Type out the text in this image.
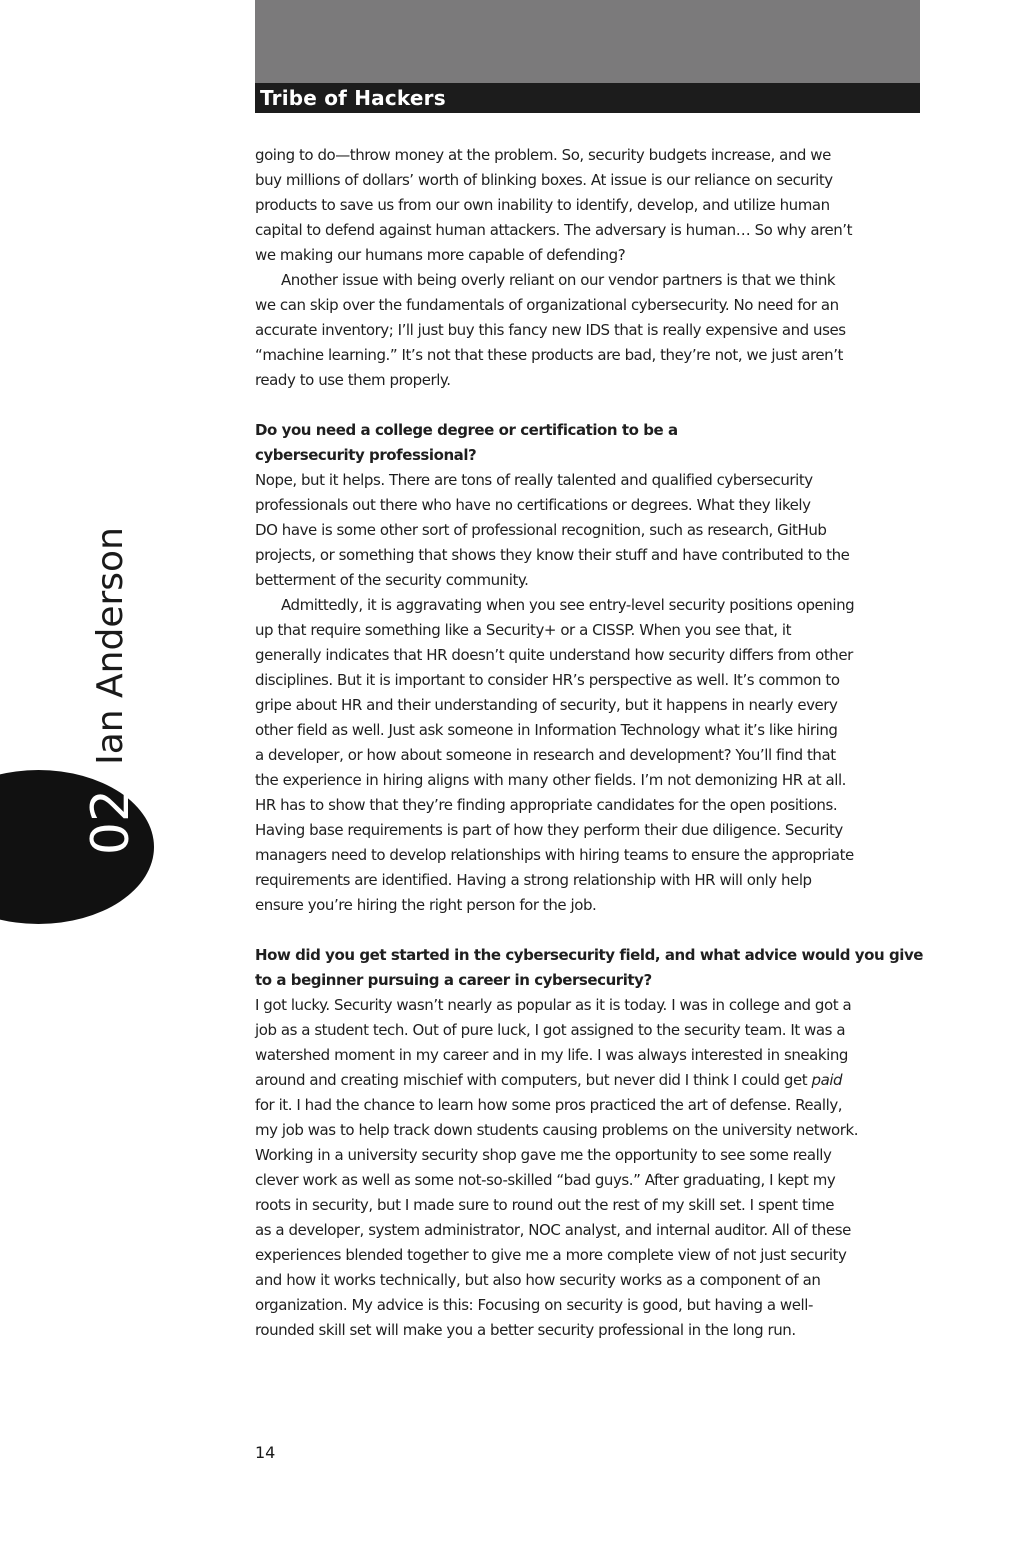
Tribe of Hackers
02
Ian Anderson

going to do—throw money at the problem. So, security budgets increase, and we
buy millions of dollars’ worth of blinking boxes. At issue is our reliance on security
products to save us from our own inability to identify, develop, and utilize human
capital to defend against human attackers. The adversary is human… So why aren’t
we making our humans more capable of defending?

Another issue with being overly reliant on our vendor partners is that we think
we can skip over the fundamentals of organizational cybersecurity. No need for an
accurate inventory; I’ll just buy this fancy new IDS that is really expensive and uses
“machine learning.” It’s not that these products are bad, they’re not, we just aren’t
ready to use them properly.

Do you need a college degree or certification to be a
cybersecurity professional?

Nope, but it helps. There are tons of really talented and qualified cybersecurity
professionals out there who have no certifications or degrees. What they likely
DO have is some other sort of professional recognition, such as research, GitHub
projects, or something that shows they know their stuff and have contributed to the
betterment of the security community.

Admittedly, it is aggravating when you see entry-level security positions opening
up that require something like a Security+ or a CISSP. When you see that, it
generally indicates that HR doesn’t quite understand how security differs from other
disciplines. But it is important to consider HR’s perspective as well. It’s common to
gripe about HR and their understanding of security, but it happens in nearly every
other field as well. Just ask someone in Information Technology what it’s like hiring
a developer, or how about someone in research and development? You’ll find that
the experience in hiring aligns with many other fields. I’m not demonizing HR at all.
HR has to show that they’re finding appropriate candidates for the open positions.
Having base requirements is part of how they perform their due diligence. Security
managers need to develop relationships with hiring teams to ensure the appropriate
requirements are identified. Having a strong relationship with HR will only help
ensure you’re hiring the right person for the job.

How did you get started in the cybersecurity field, and what advice would you give
to a beginner pursuing a career in cybersecurity?

I got lucky. Security wasn’t nearly as popular as it is today. I was in college and got a
job as a student tech. Out of pure luck, I got assigned to the security team. It was a
watershed moment in my career and in my life. I was always interested in sneaking
around and creating mischief with computers, but never did I think I could get paid
for it. I had the chance to learn how some pros practiced the art of defense. Really,
my job was to help track down students causing problems on the university network.
Working in a university security shop gave me the opportunity to see some really
clever work as well as some not-so-skilled “bad guys.” After graduating, I kept my
roots in security, but I made sure to round out the rest of my skill set. I spent time
as a developer, system administrator, NOC analyst, and internal auditor. All of these
experiences blended together to give me a more complete view of not just security
and how it works technically, but also how security works as a component of an
organization. My advice is this: Focusing on security is good, but having a well-
rounded skill set will make you a better security professional in the long run.

14
